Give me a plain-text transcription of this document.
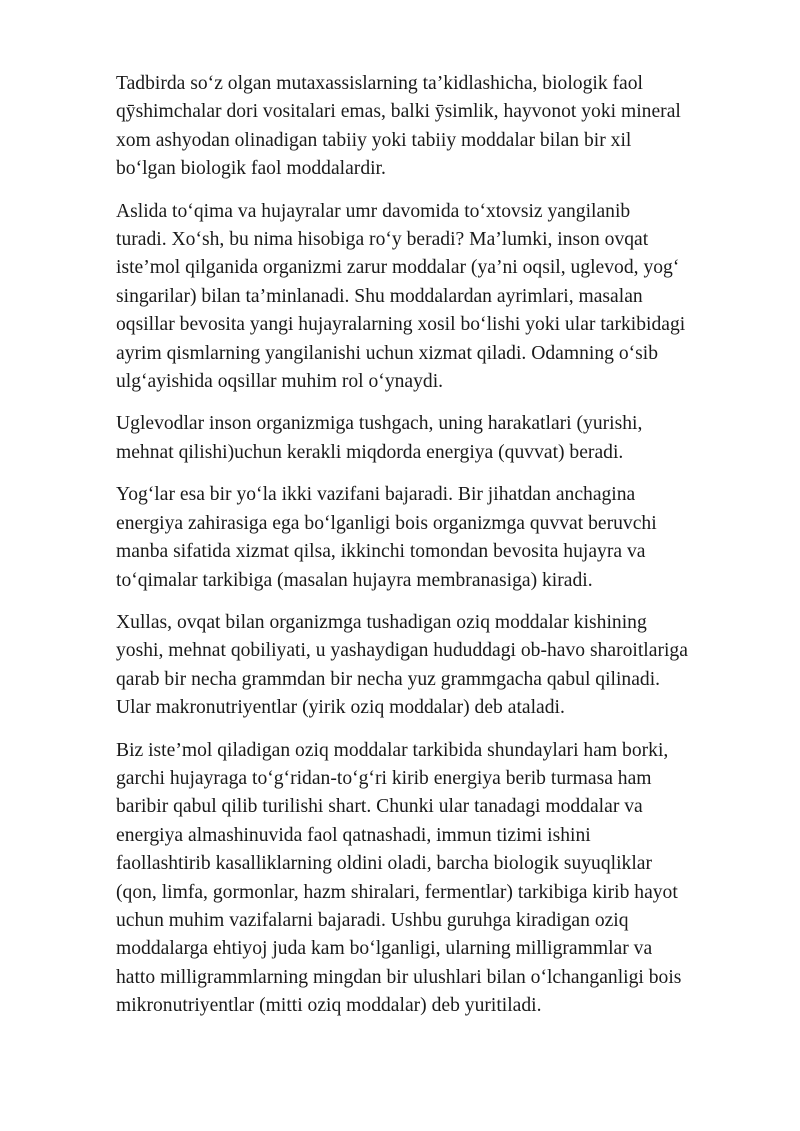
Tadbirda so‘z olgan mutaxassislarning ta’kidlashicha, biologik faol
qӯshimchalar dori vositalari emas, balki ӯsimlik, hayvonot yoki mineral
xom ashyodan olinadigan tabiiy yoki tabiiy moddalar bilan bir xil
bo‘lgan biologik faol moddalardir.

Aslida to‘qima va hujayralar umr davomida to‘xtovsiz yangilanib
turadi. Xo‘sh, bu nima hisobiga ro‘y beradi? Ma’lumki, inson ovqat
iste’mol qilganida organizmi zarur moddalar (ya’ni oqsil, uglevod, yog‘
singarilar) bilan ta’minlanadi. Shu moddalardan ayrimlari, masalan
oqsillar bevosita yangi hujayralarning xosil bo‘lishi yoki ular tarkibidagi
ayrim qismlarning yangilanishi uchun xizmat qiladi. Odamning o‘sib
ulg‘ayishida oqsillar muhim rol o‘ynaydi.

Uglevodlar inson organizmiga tushgach, uning harakatlari (yurishi,
mehnat qilishi)uchun kerakli miqdorda energiya (quvvat) beradi.

Yog‘lar esa bir yo‘la ikki vazifani bajaradi. Bir jihatdan anchagina
energiya zahirasiga ega bo‘lganligi bois organizmga quvvat beruvchi
manba sifatida xizmat qilsa, ikkinchi tomondan bevosita hujayra va
to‘qimalar tarkibiga (masalan hujayra membranasiga) kiradi.

Xullas, ovqat bilan organizmga tushadigan oziq moddalar kishining
yoshi, mehnat qobiliyati, u yashaydigan hududdagi ob-havo sharoitlariga
qarab bir necha grammdan bir necha yuz grammgacha qabul qilinadi.
Ular makronutriyentlar (yirik oziq moddalar) deb ataladi.

Biz iste’mol qiladigan oziq moddalar tarkibida shundaylari ham borki,
garchi hujayraga to‘g‘ridan-to‘g‘ri kirib energiya berib turmasa ham
baribir qabul qilib turilishi shart. Chunki ular tanadagi moddalar va
energiya almashinuvida faol qatnashadi, immun tizimi ishini
faollashtirib kasalliklarning oldini oladi, barcha biologik suyuqliklar
(qon, limfa, gormonlar, hazm shiralari, fermentlar) tarkibiga kirib hayot
uchun muhim vazifalarni bajaradi. Ushbu guruhga kiradigan oziq
moddalarga ehtiyoj juda kam bo‘lganligi, ularning milligrammlar va
hatto milligrammlarning mingdan bir ulushlari bilan o‘lchanganligi bois
mikronutriyentlar (mitti oziq moddalar) deb yuritiladi.
